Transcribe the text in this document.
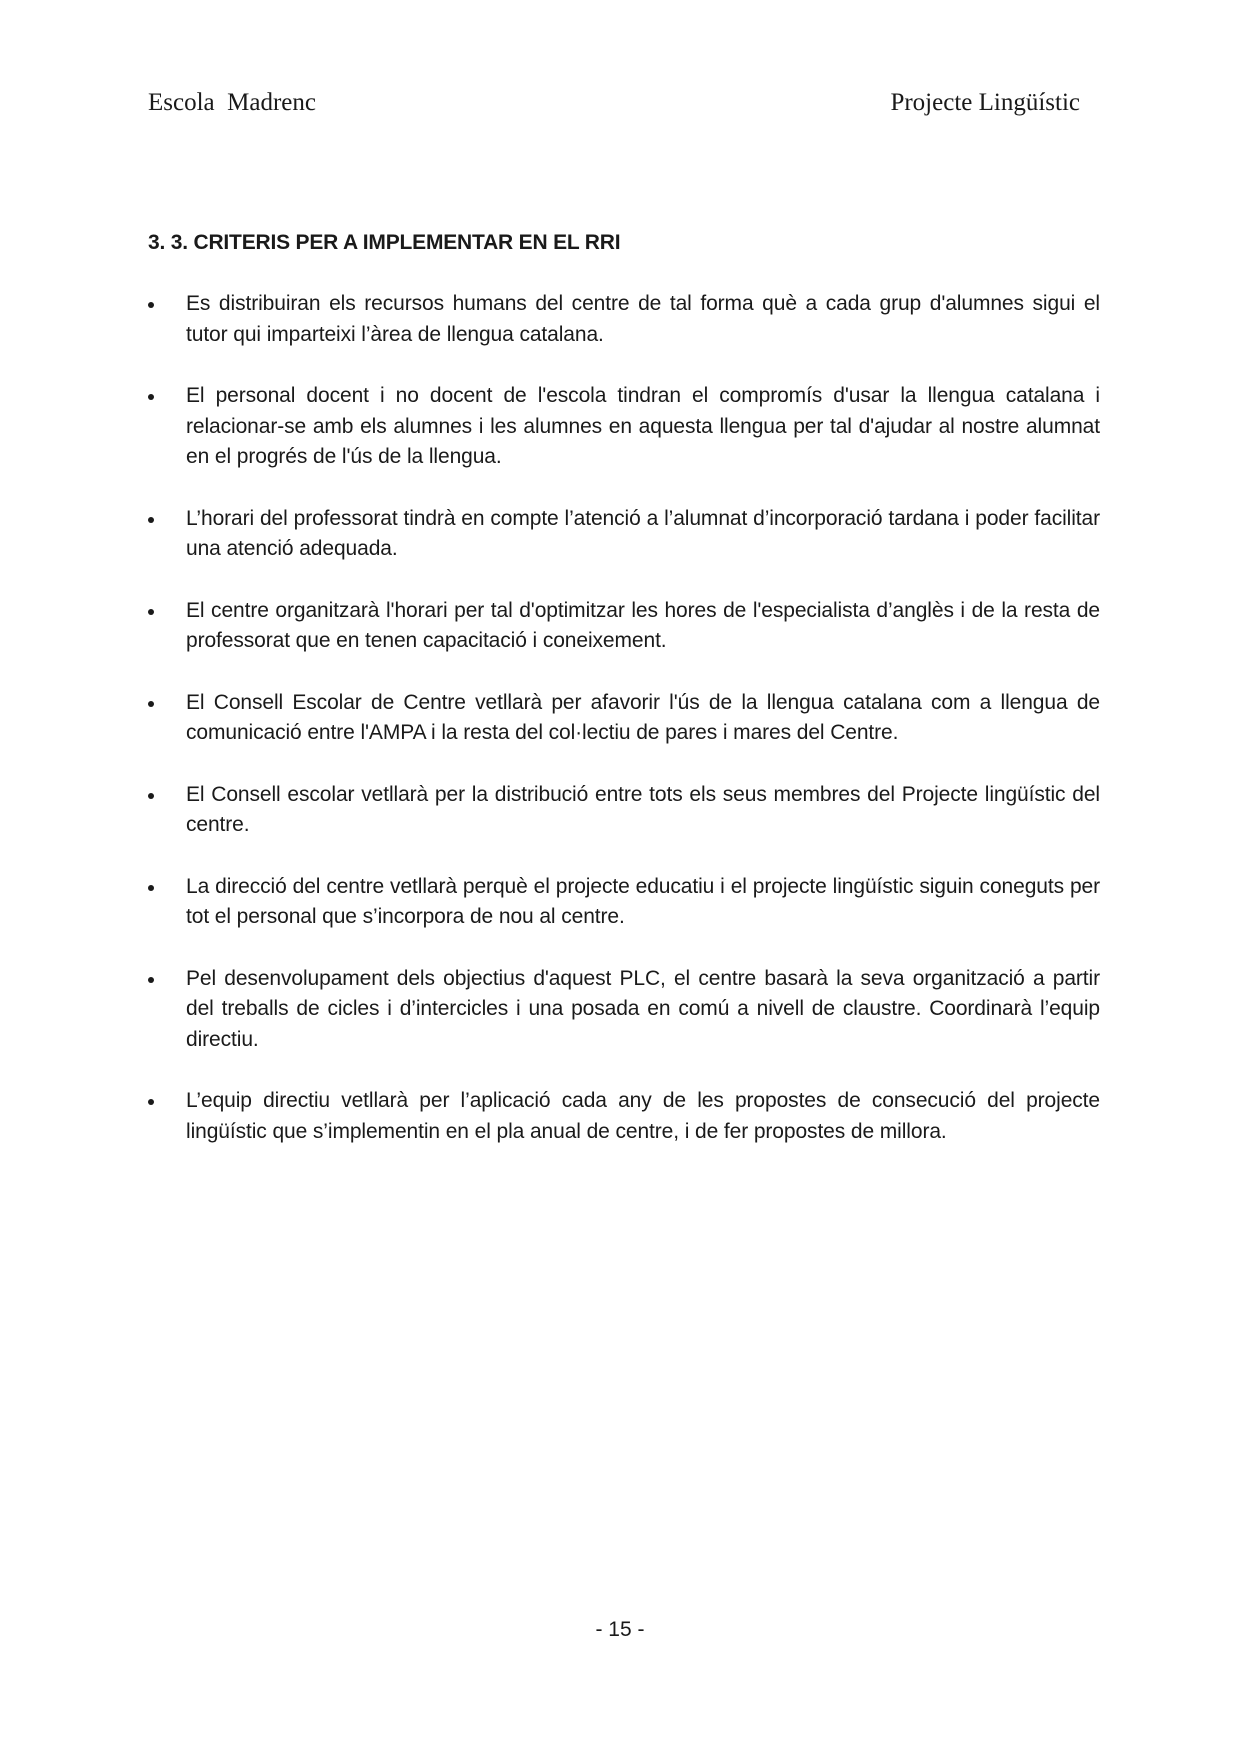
Escola  Madrenc	Projecte Lingüístic
3. 3. CRITERIS PER A IMPLEMENTAR EN EL RRI
Es distribuiran els recursos humans del centre de tal forma què a cada grup d'alumnes sigui el tutor qui imparteixi l’àrea de llengua catalana.
El personal docent i no docent de l'escola tindran el compromís d'usar la llengua catalana i relacionar-se amb els alumnes i les alumnes en aquesta llengua per tal d'ajudar al nostre alumnat en el progrés de l'ús de la llengua.
L’horari del professorat tindrà en compte l’atenció a l’alumnat d’incorporació tardana i poder facilitar una atenció adequada.
El centre organitzarà l'horari per tal d'optimitzar les hores de l'especialista d’anglès i de la resta de professorat que en tenen capacitació i coneixement.
El Consell Escolar de Centre vetllarà per afavorir l'ús de la llengua catalana com a llengua de comunicació entre l'AMPA i la resta del col·lectiu de pares i mares del Centre.
El Consell escolar vetllarà per la distribució entre tots els seus membres del Projecte lingüístic del centre.
La direcció del centre vetllarà perquè el projecte educatiu i el projecte lingüístic siguin coneguts per tot el personal que s’incorpora de nou al centre.
Pel desenvolupament dels objectius d'aquest PLC, el centre basarà la seva organització a partir del treballs de cicles i d’intercicles i una posada en comú a nivell de claustre. Coordinarà l’equip directiu.
L’equip directiu vetllarà per l’aplicació cada any de les propostes de consecució del projecte lingüístic que s’implementin en el pla anual de centre, i de fer propostes de millora.
- 15 -
